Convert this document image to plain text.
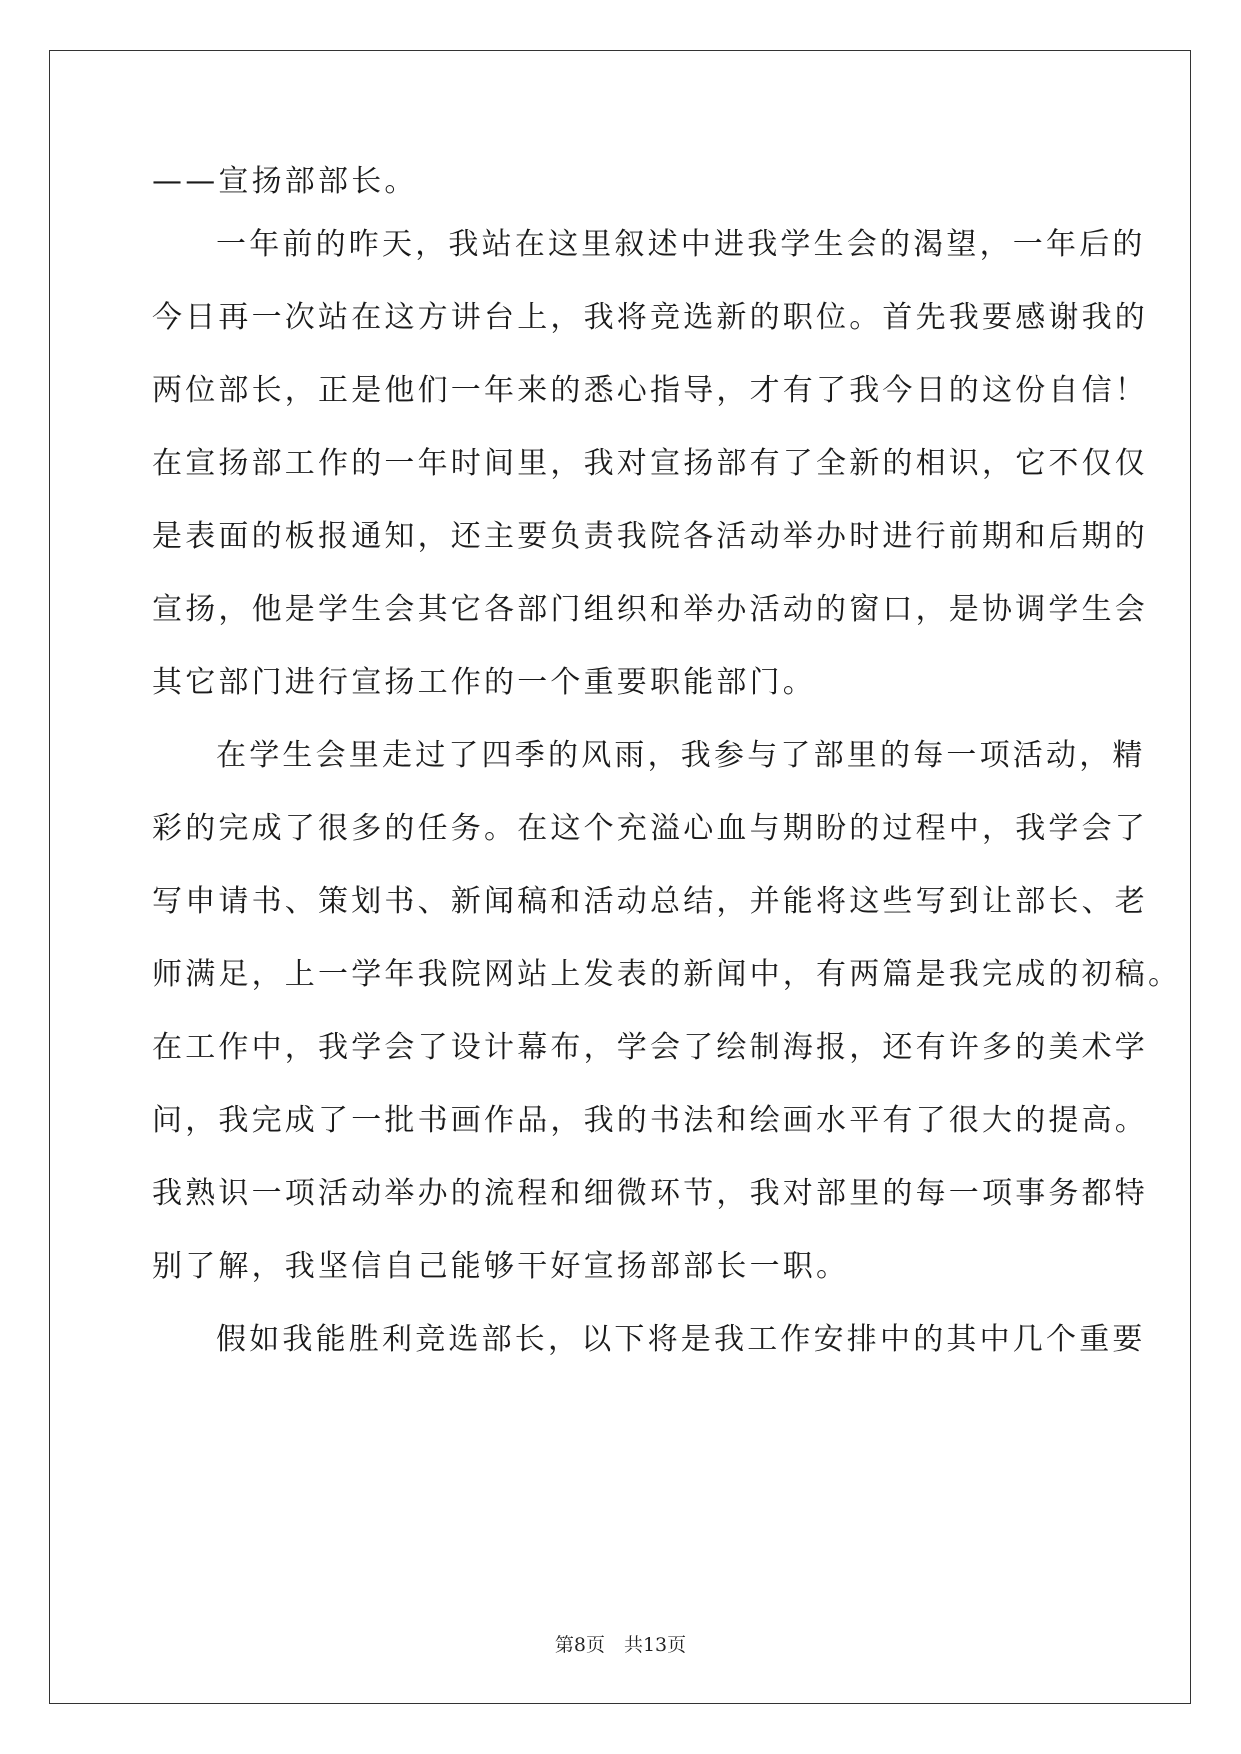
——宣扬部部长。
一年前的昨天，我站在这里叙述中进我学生会的渴望，一年后的
今日再一次站在这方讲台上，我将竞选新的职位。首先我要感谢我的
两位部长，正是他们一年来的悉心指导，才有了我今日的这份自信！
在宣扬部工作的一年时间里，我对宣扬部有了全新的相识，它不仅仅
是表面的板报通知，还主要负责我院各活动举办时进行前期和后期的
宣扬，他是学生会其它各部门组织和举办活动的窗口，是协调学生会
其它部门进行宣扬工作的一个重要职能部门。
在学生会里走过了四季的风雨，我参与了部里的每一项活动，精
彩的完成了很多的任务。在这个充溢心血与期盼的过程中，我学会了
写申请书、策划书、新闻稿和活动总结，并能将这些写到让部长、老
师满足，上一学年我院网站上发表的新闻中，有两篇是我完成的初稿。
在工作中，我学会了设计幕布，学会了绘制海报，还有许多的美术学
问，我完成了一批书画作品，我的书法和绘画水平有了很大的提高。
我熟识一项活动举办的流程和细微环节，我对部里的每一项事务都特
别了解，我坚信自己能够干好宣扬部部长一职。
假如我能胜利竞选部长，以下将是我工作安排中的其中几个重要
第8页　共13页
